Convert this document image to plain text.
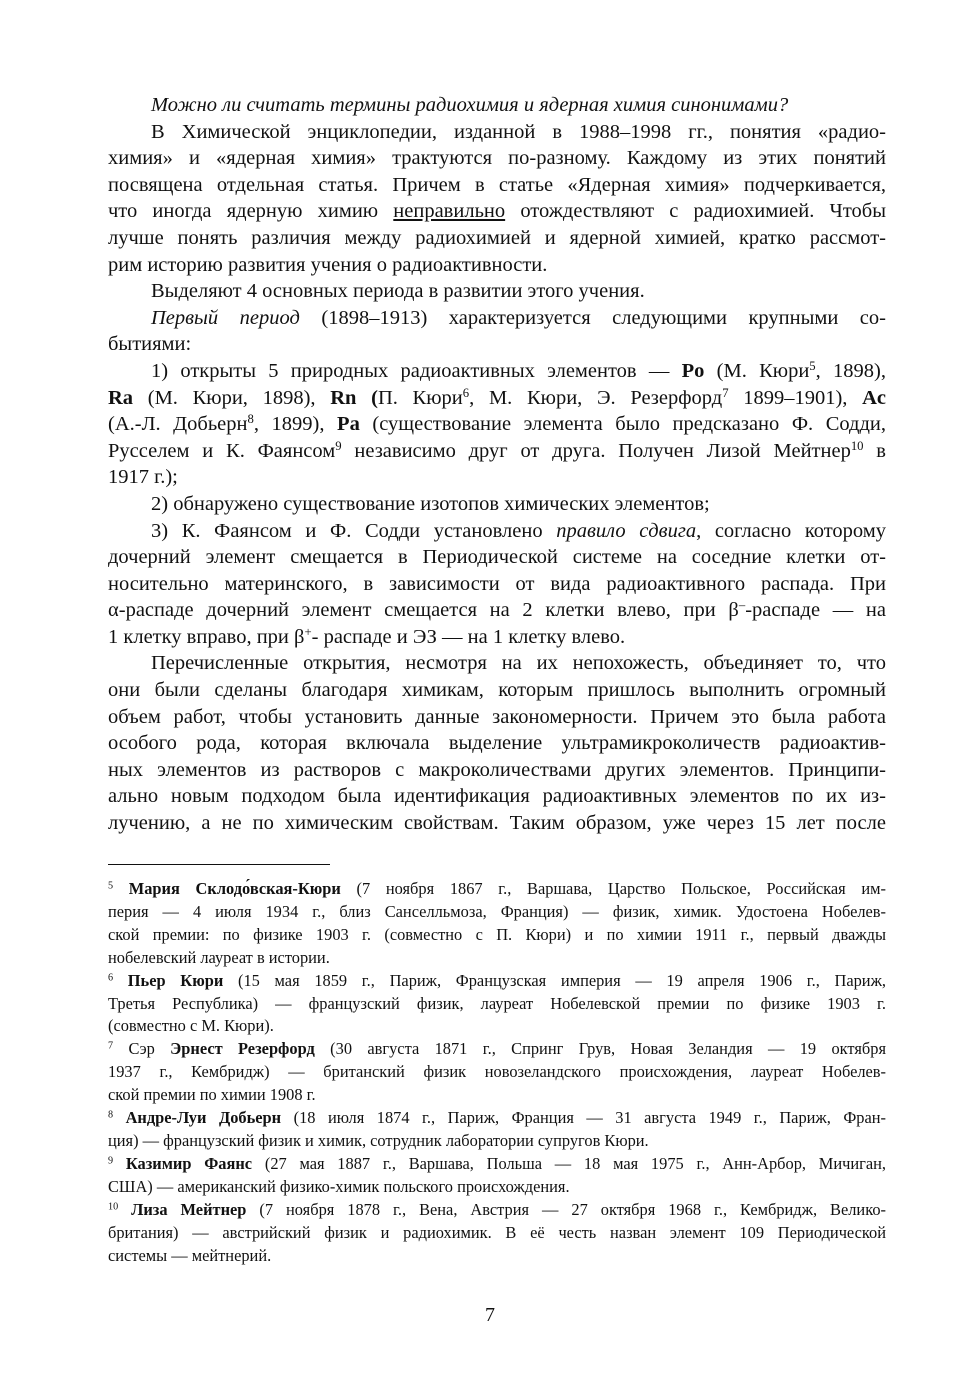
Можно ли считать термины радиохимия и ядерная химия синонимами?
В Химической энциклопедии, изданной в 1988–1998 гг., понятия «радио-
химия» и «ядерная химия» трактуются по-разному. Каждому из этих понятий
посвящена отдельная статья. Причем в статье «Ядерная химия» подчеркивается,
что иногда ядерную химию неправильно отождествляют с радиохимией. Чтобы
лучше понять различия между радиохимией и ядерной химией, кратко рассмот-
рим историю развития учения о радиоактивности.
Выделяют 4 основных периода в развитии этого учения.
Первый период (1898–1913) характеризуется следующими крупными со-
бытиями:
1) открыты 5 природных радиоактивных элементов — Po (М. Кюри$^5$, 1898),
Ra (М. Кюри, 1898), Rn (П. Кюри$^6$, М. Кюри, Э. Резерфорд$^7$ 1899–1901), Ac
(А.-Л. Добьерн$^8$, 1899), Pa (существование элемента было предсказано Ф. Содди,
Русселем и К. Фаянсом$^9$ независимо друг от друга. Получен Лизой Мейтнер$^{10}$ в
1917 г.);
2) обнаружено существование изотопов химических элементов;
3) К. Фаянсом и Ф. Содди установлено правило сдвига, согласно которому
дочерний элемент смещается в Периодической системе на соседние клетки от-
носительно материнского, в зависимости от вида радиоактивного распада. При
α-распаде дочерний элемент смещается на 2 клетки влево, при β–-распаде — на
1 клетку вправо, при β+- распаде и ЭЗ — на 1 клетку влево.
Перечисленные открытия, несмотря на их непохожесть, объединяет то, что
они были сделаны благодаря химикам, которым пришлось выполнить огромный
объем работ, чтобы установить данные закономерности. Причем это была работа
особого рода, которая включала выделение ультрамикроколичеств радиоактив-
ных элементов из растворов с макроколичествами других элементов. Принципи-
ально новым подходом была идентификация радиоактивных элементов по их из-
лучению, а не по химическим свойствам. Таким образом, уже через 15 лет после
$^5$ Мария Склодо́вская-Кюри (7 ноября 1867 г., Варшава, Царство Польское, Российская им-
перия — 4 июля 1934 г., близ Санселльмоза, Франция) — физик, химик. Удостоена Нобелев-
ской премии: по физике 1903 г. (совместно с П. Кюри) и по химии 1911 г., первый дважды
нобелевский лауреат в истории.
$^6$ Пьер Кюри (15 мая 1859 г., Париж, Французская империя — 19 апреля 1906 г., Париж,
Третья Республика) — французский физик, лауреат Нобелевской премии по физике 1903 г.
(совместно с М. Кюри).
$^7$ Сэр Эрнест Резерфорд (30 августа 1871 г., Спринг Грув, Новая Зеландия — 19 октября
1937 г., Кембридж) — британский физик новозеландского происхождения, лауреат Нобелев-
ской премии по химии 1908 г.
$^8$ Андре-Луи Добьерн (18 июля 1874 г., Париж, Франция — 31 августа 1949 г., Париж, Фран-
ция) — французский физик и химик, сотрудник лаборатории супругов Кюри.
$^9$ Казимир Фаянс (27 мая 1887 г., Варшава, Польша — 18 мая 1975 г., Анн-Арбор, Мичиган,
США) — американский физико-химик польского происхождения.
$^{10}$ Лиза Мейтнер (7 ноября 1878 г., Вена, Австрия — 27 октября 1968 г., Кембридж, Велико-
британия) — австрийский физик и радиохимик. В её честь назван элемент 109 Периодической
системы — мейтнерий.
7
